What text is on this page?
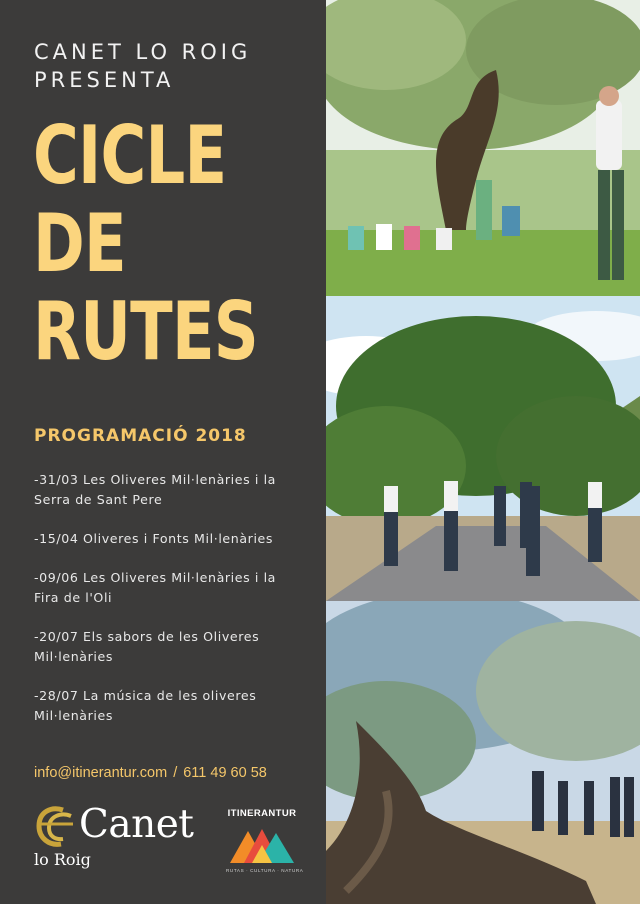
CANET LO ROIG
PRESENTA
CICLE
DE
RUTES
PROGRAMACIÓ 2018
-31/03 Les Oliveres Mil·lenàries i la
Serra de Sant Pere
-15/04 Oliveres i Fonts Mil·lenàries
-09/06 Les Oliveres Mil·lenàries i la
Fira de l'Oli
-20/07 Els sabors de les Oliveres
Mil·lenàries
-28/07 La música de les oliveres
Mil·lenàries
info@itinerantur.com / 611 49 60 58
Canet
lo Roig
ITINERANTUR
RUTAS · CULTURA · NATURA
